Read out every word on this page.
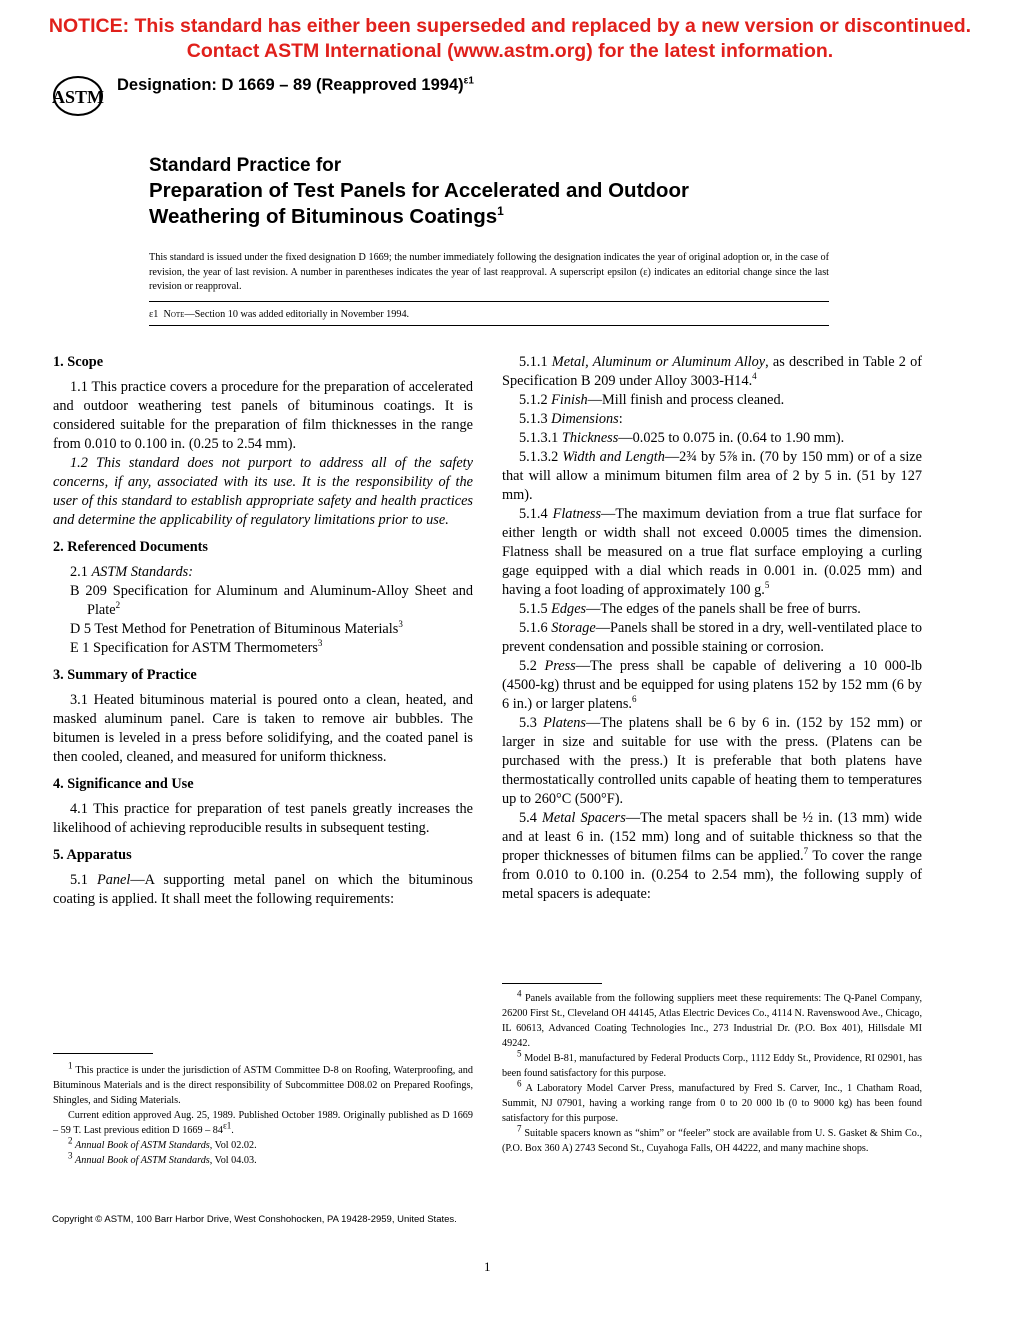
NOTICE: This standard has either been superseded and replaced by a new version or discontinued.
Contact ASTM International (www.astm.org) for the latest information.
ASTM
Designation: D 1669 – 89 (Reapproved 1994)$^{\varepsilon 1}$
Standard Practice for
Preparation of Test Panels for Accelerated and Outdoor
Weathering of Bituminous Coatings$^1$
This standard is issued under the fixed designation D 1669; the number immediately following the designation indicates the year of original adoption or, in the case of revision, the year of last revision. A number in parentheses indicates the year of last reapproval. A superscript epsilon (ε) indicates an editorial change since the last revision or reapproval.
ε1 Note—Section 10 was added editorially in November 1994.
1. Scope

1.1 This practice covers a procedure for the preparation of accelerated and outdoor weathering test panels of bituminous coatings. It is considered suitable for the preparation of film thicknesses in the range from 0.010 to 0.100 in. (0.25 to 2.54 mm).

1.2 This standard does not purport to address all of the safety concerns, if any, associated with its use. It is the responsibility of the user of this standard to establish appropriate safety and health practices and determine the applicability of regulatory limitations prior to use.

2. Referenced Documents

2.1 ASTM Standards:

B 209 Specification for Aluminum and Aluminum-Alloy Sheet and Plate$^2$

D 5 Test Method for Penetration of Bituminous Materials$^3$

E 1 Specification for ASTM Thermometers$^3$

3. Summary of Practice

3.1 Heated bituminous material is poured onto a clean, heated, and masked aluminum panel. Care is taken to remove air bubbles. The bitumen is leveled in a press before solidifying, and the coated panel is then cooled, cleaned, and measured for uniform thickness.

4. Significance and Use

4.1 This practice for preparation of test panels greatly increases the likelihood of achieving reproducible results in subsequent testing.

5. Apparatus

5.1 Panel—A supporting metal panel on which the bituminous coating is applied. It shall meet the following requirements:

$^1$ This practice is under the jurisdiction of ASTM Committee D-8 on Roofing, Waterproofing, and Bituminous Materials and is the direct responsibility of Subcommittee D08.02 on Prepared Roofings, Shingles, and Siding Materials.

Current edition approved Aug. 25, 1989. Published October 1989. Originally published as D 1669 – 59 T. Last previous edition D $1669 - 84^{\varepsilon 1}$.

$^2$ Annual Book of ASTM Standards, Vol 02.02.

$^3$ Annual Book of ASTM Standards, Vol 04.03.

5.1.1 Metal, Aluminum or Aluminum Alloy, as described in Table 2 of Specification B 209 under Alloy 3003-H14.$^4$

5.1.2 Finish—Mill finish and process cleaned.

5.1.3 Dimensions:

5.1.3.1 Thickness—0.025 to 0.075 in. (0.64 to 1.90 mm).

5.1.3.2 Width and Length—2¾ by 5⅞ in. (70 by 150 mm) or of a size that will allow a minimum bitumen film area of 2 by 5 in. (51 by 127 mm).

5.1.4 Flatness—The maximum deviation from a true flat surface for either length or width shall not exceed 0.0005 times the dimension. Flatness shall be measured on a true flat surface employing a curling gage equipped with a dial which reads in 0.001 in. (0.025 mm) and having a foot loading of approximately 100 g.$^5$

5.1.5 Edges—The edges of the panels shall be free of burrs.

5.1.6 Storage—Panels shall be stored in a dry, well-ventilated place to prevent condensation and possible staining or corrosion.

5.2 Press—The press shall be capable of delivering a 10 000-lb (4500-kg) thrust and be equipped for using platens 152 by 152 mm (6 by 6 in.) or larger platens.$^6$

5.3 Platens—The platens shall be 6 by 6 in. (152 by 152 mm) or larger in size and suitable for use with the press. (Platens can be purchased with the press.) It is preferable that both platens have thermostatically controlled units capable of heating them to temperatures up to 260°C (500°F).

5.4 Metal Spacers—The metal spacers shall be ½ in. (13 mm) wide and at least 6 in. (152 mm) long and of suitable thickness so that the proper thicknesses of bitumen films can be applied.$^7$ To cover the range from 0.010 to 0.100 in. (0.254 to 2.54 mm), the following supply of metal spacers is adequate:

$^4$ Panels available from the following suppliers meet these requirements: The Q-Panel Company, 26200 First St., Cleveland OH 44145, Atlas Electric Devices Co., 4114 N. Ravenswood Ave., Chicago, IL 60613, Advanced Coating Technologies Inc., 273 Industrial Dr. (P.O. Box 401), Hillsdale MI 49242.

$^5$ Model B-81, manufactured by Federal Products Corp., 1112 Eddy St., Providence, RI 02901, has been found satisfactory for this purpose.

$^6$ A Laboratory Model Carver Press, manufactured by Fred S. Carver, Inc., 1 Chatham Road, Summit, NJ 07901, having a working range from 0 to 20 000 lb (0 to 9000 kg) has been found satisfactory for this purpose.

$^7$ Suitable spacers known as “shim” or “feeler” stock are available from U. S. Gasket & Shim Co., (P.O. Box 360 A) 2743 Second St., Cuyahoga Falls, OH 44222, and many machine shops.

Copyright © ASTM, 100 Barr Harbor Drive, West Conshohocken, PA 19428-2959, United States.
1
